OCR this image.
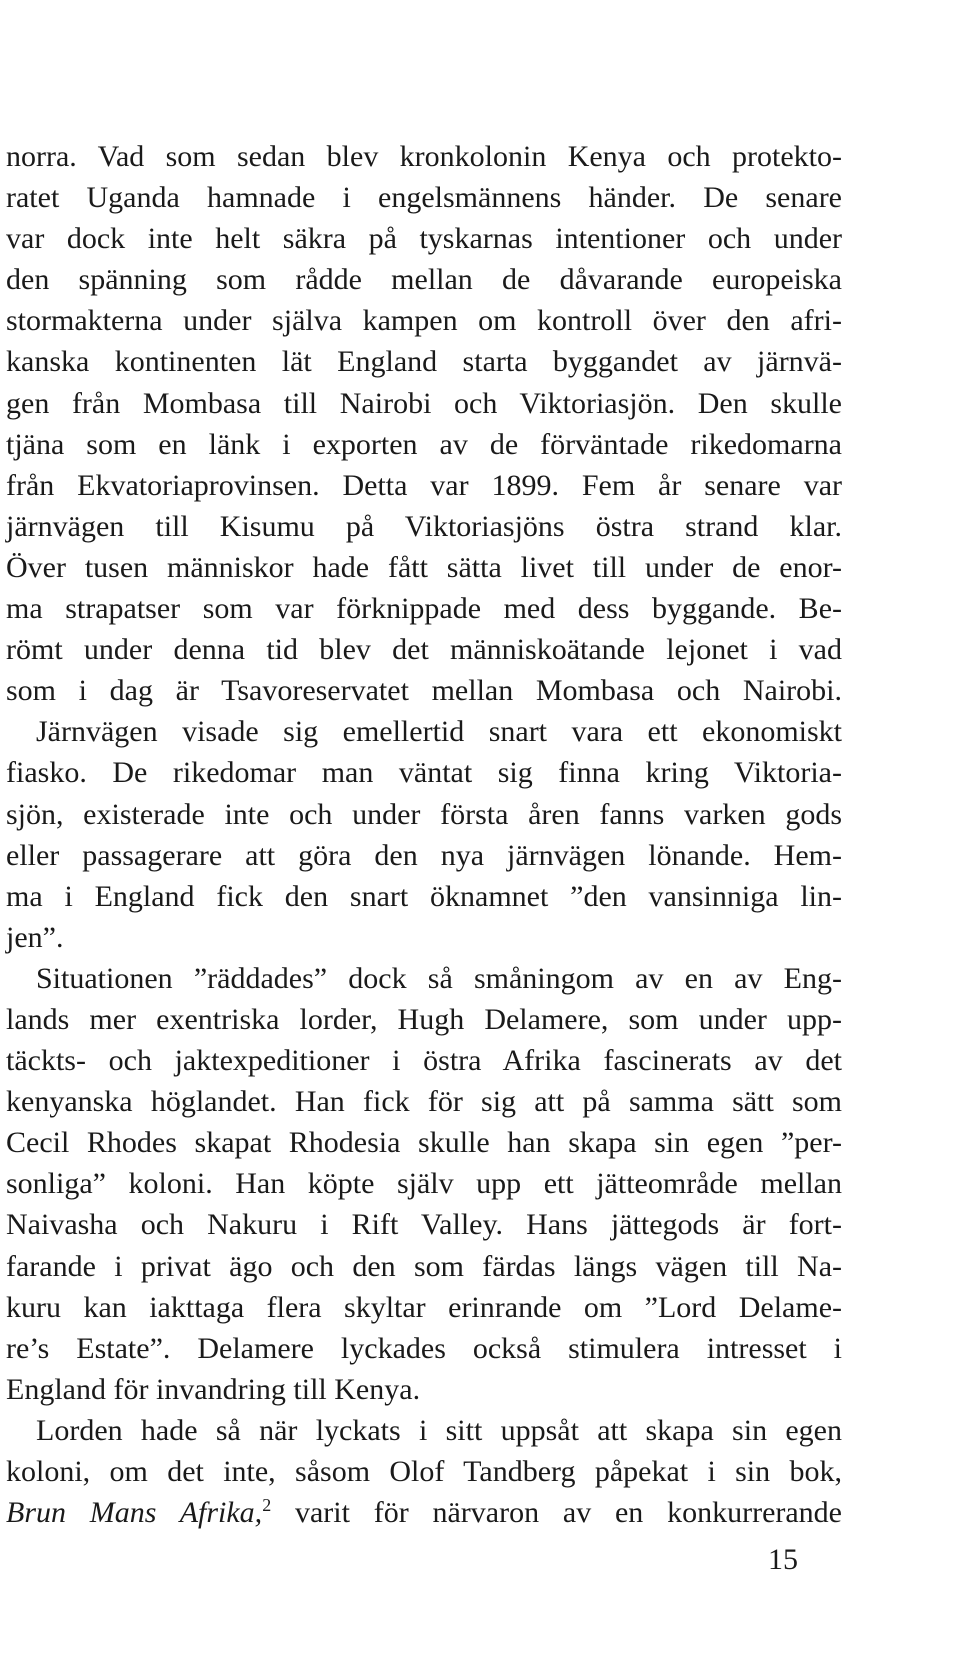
norra. Vad som sedan blev kronkolonin Kenya och protekto-
ratet Uganda hamnade i engelsmännens händer. De senare
var dock inte helt säkra på tyskarnas intentioner och under
den spänning som rådde mellan de dåvarande europeiska
stormakterna under själva kampen om kontroll över den afri-
kanska kontinenten lät England starta byggandet av järnvä-
gen från Mombasa till Nairobi och Viktoriasjön. Den skulle
tjäna som en länk i exporten av de förväntade rikedomarna
från Ekvatoriaprovinsen. Detta var 1899. Fem år senare var
järnvägen till Kisumu på Viktoriasjöns östra strand klar.
Över tusen människor hade fått sätta livet till under de enor-
ma strapatser som var förknippade med dess byggande. Be-
römt under denna tid blev det människoätande lejonet i vad
som i dag är Tsavoreservatet mellan Mombasa och Nairobi.
Järnvägen visade sig emellertid snart vara ett ekonomiskt
fiasko. De rikedomar man väntat sig finna kring Viktoria-
sjön, existerade inte och under första åren fanns varken gods
eller passagerare att göra den nya järnvägen lönande. Hem-
ma i England fick den snart öknamnet ”den vansinniga lin-
jen”.
Situationen ”räddades” dock så småningom av en av Eng-
lands mer exentriska lorder, Hugh Delamere, som under upp-
täckts- och jaktexpeditioner i östra Afrika fascinerats av det
kenyanska höglandet. Han fick för sig att på samma sätt som
Cecil Rhodes skapat Rhodesia skulle han skapa sin egen ”per-
sonliga” koloni. Han köpte själv upp ett jätteområde mellan
Naivasha och Nakuru i Rift Valley. Hans jättegods är fort-
farande i privat ägo och den som färdas längs vägen till Na-
kuru kan iakttaga flera skyltar erinrande om ”Lord Delame-
re’s Estate”. Delamere lyckades också stimulera intresset i
England för invandring till Kenya.
Lorden hade så när lyckats i sitt uppsåt att skapa sin egen
koloni, om det inte, såsom Olof Tandberg påpekat i sin bok,
Brun Mans Afrika,$^2$ varit för närvaron av en konkurrerande
15
